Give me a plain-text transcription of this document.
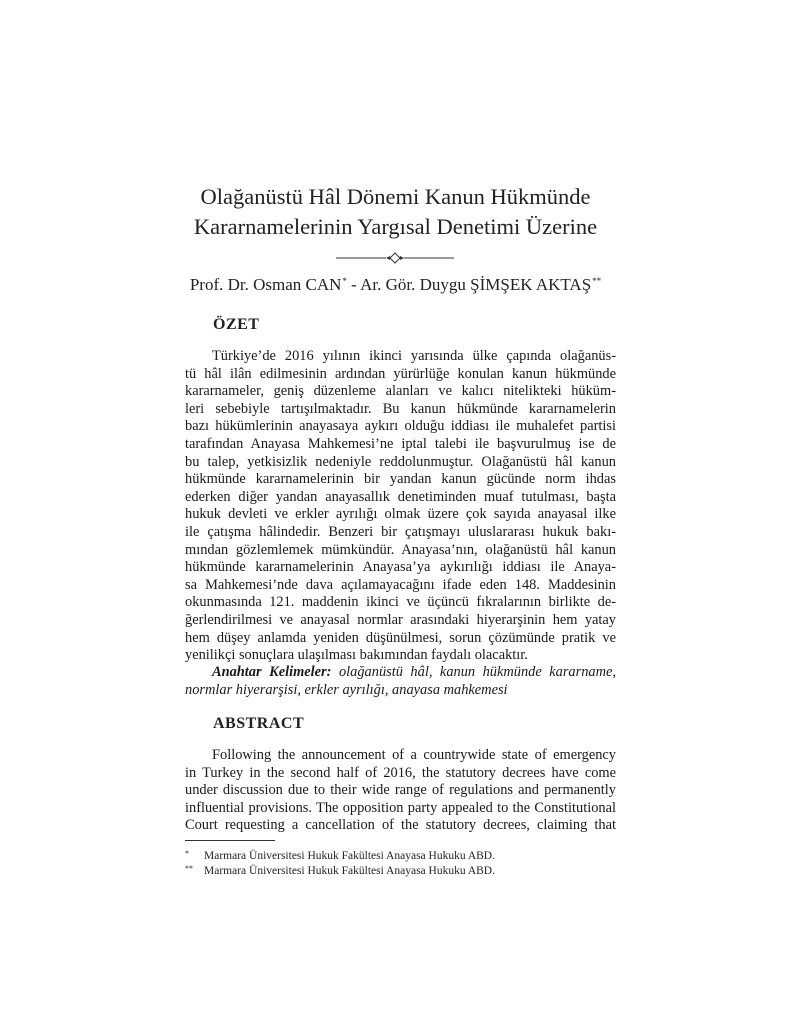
Olağanüstü Hâl Dönemi Kanun Hükmünde
Kararnamelerinin Yargısal Denetimi Üzerine
Prof. Dr. Osman CAN* - Ar. Gör. Duygu ŞİMŞEK AKTAŞ**
ÖZET
Türkiye’de 2016 yılının ikinci yarısında ülke çapında olağanüs-
tü hâl ilân edilmesinin ardından yürürlüğe konulan kanun hükmünde
kararnameler, geniş düzenleme alanları ve kalıcı nitelikteki hüküm-
leri sebebiyle tartışılmaktadır. Bu kanun hükmünde kararnamelerin
bazı hükümlerinin anayasaya aykırı olduğu iddiası ile muhalefet partisi
tarafından Anayasa Mahkemesi’ne iptal talebi ile başvurulmuş ise de
bu talep, yetkisizlik nedeniyle reddolunmuştur. Olağanüstü hâl kanun
hükmünde kararnamelerinin bir yandan kanun gücünde norm ihdas
ederken diğer yandan anayasallık denetiminden muaf tutulması, başta
hukuk devleti ve erkler ayrılığı olmak üzere çok sayıda anayasal ilke
ile çatışma hâlindedir. Benzeri bir çatışmayı uluslararası hukuk bakı-
mından gözlemlemek mümkündür. Anayasa’nın, olağanüstü hâl kanun
hükmünde kararnamelerinin Anayasa’ya aykırılığı iddiası ile Anaya-
sa Mahkemesi’nde dava açılamayacağını ifade eden 148. Maddesinin
okunmasında 121. maddenin ikinci ve üçüncü fıkralarının birlikte de-
ğerlendirilmesi ve anayasal normlar arasındaki hiyerarşinin hem yatay
hem düşey anlamda yeniden düşünülmesi, sorun çözümünde pratik ve
yenilikçi sonuçlara ulaşılması bakımından faydalı olacaktır.
Anahtar Kelimeler: olağanüstü hâl, kanun hükmünde kararname,
normlar hiyerarşisi, erkler ayrılığı, anayasa mahkemesi
ABSTRACT
Following the announcement of a countrywide state of emergency
in Turkey in the second half of 2016, the statutory decrees have come
under discussion due to their wide range of regulations and permanently
influential provisions. The opposition party appealed to the Constitutional
Court requesting a cancellation of the statutory decrees, claiming that
* Marmara Üniversitesi Hukuk Fakültesi Anayasa Hukuku ABD.
** Marmara Üniversitesi Hukuk Fakültesi Anayasa Hukuku ABD.
